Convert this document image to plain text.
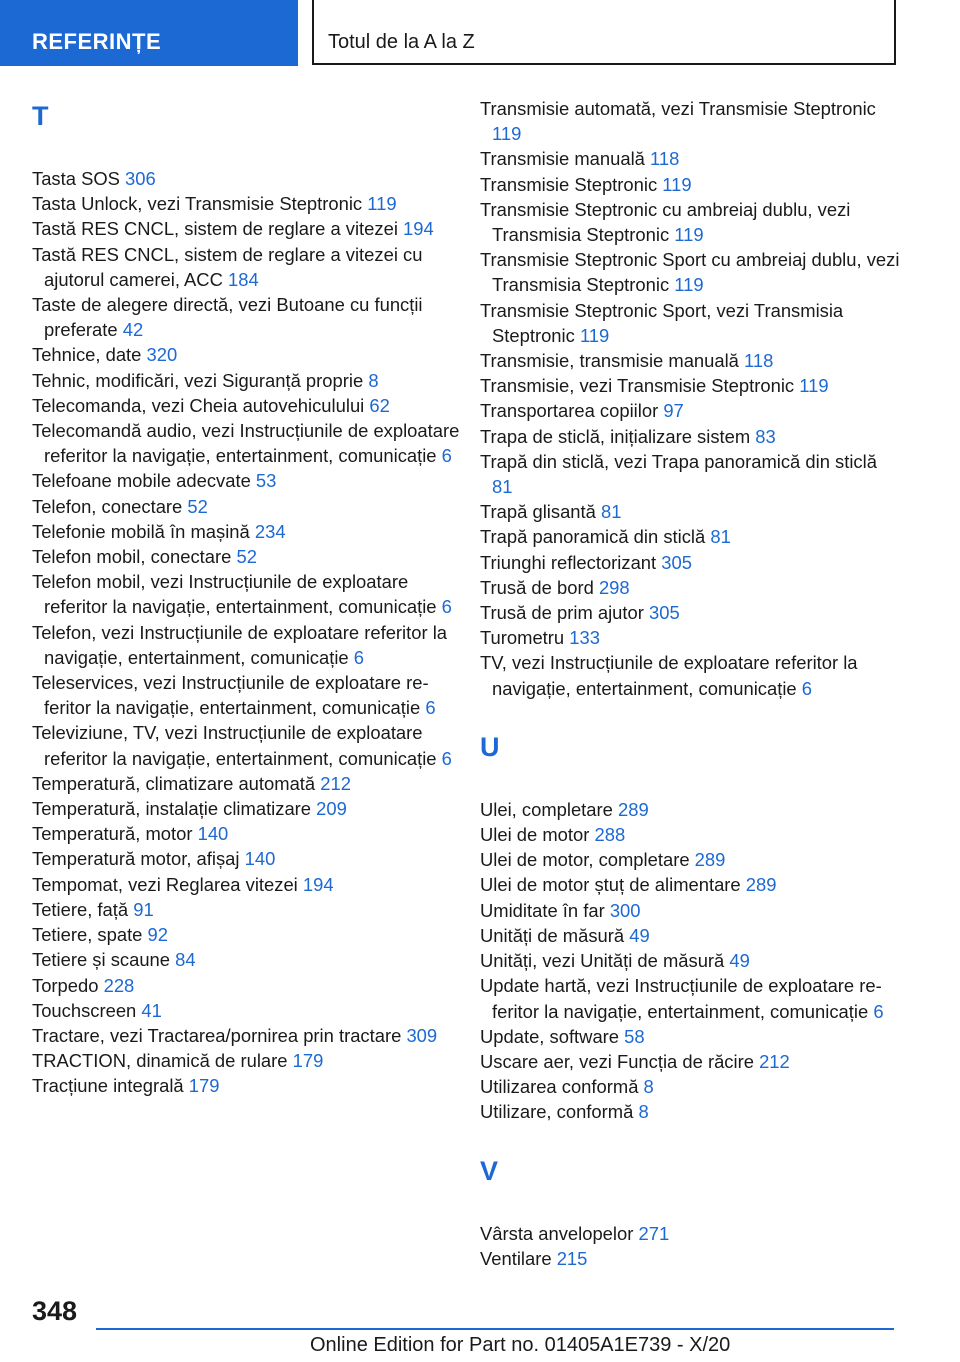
REFERINȚE	Totul de la A la Z
T
Tasta SOS 306
Tasta Unlock, vezi Transmisie Steptronic 119
Tastă RES CNCL, sistem de reglare a vitezei 194
Tastă RES CNCL, sistem de reglare a vitezei cu ajutorul camerei, ACC 184
Taste de alegere directă, vezi Butoane cu funcții preferate 42
Tehnice, date 320
Tehnic, modificări, vezi Siguranță proprie 8
Telecomanda, vezi Cheia autovehiculului 62
Telecomandă audio, vezi Instrucțiunile de exploatare referitor la navigație, entertainment, comunicație 6
Telefoane mobile adecvate 53
Telefon, conectare 52
Telefonie mobilă în mașină 234
Telefon mobil, conectare 52
Telefon mobil, vezi Instrucțiunile de exploatare referitor la navigație, entertainment, comunicație 6
Telefon, vezi Instrucțiunile de exploatare referitor la navigație, entertainment, comunicație 6
Teleservices, vezi Instrucțiunile de exploatare referitor la navigație, entertainment, comunicație 6
Televiziune, TV, vezi Instrucțiunile de exploatare referitor la navigație, entertainment, comunicație 6
Temperatură, climatizare automată 212
Temperatură, instalație climatizare 209
Temperatură, motor 140
Temperatură motor, afișaj 140
Tempomat, vezi Reglarea vitezei 194
Tetiere, față 91
Tetiere, spate 92
Tetiere și scaune 84
Torpedo 228
Touchscreen 41
Tractare, vezi Tractarea/pornirea prin tractare 309
TRACTION, dinamică de rulare 179
Tracțiune integrală 179
Transmisie automată, vezi Transmisie Steptronic 119
Transmisie manuală 118
Transmisie Steptronic 119
Transmisie Steptronic cu ambreiaj dublu, vezi Transmisia Steptronic 119
Transmisie Steptronic Sport cu ambreiaj dublu, vezi Transmisia Steptronic 119
Transmisie Steptronic Sport, vezi Transmisia Steptronic 119
Transmisie, transmisie manuală 118
Transmisie, vezi Transmisie Steptronic 119
Transportarea copiilor 97
Trapa de sticlă, inițializare sistem 83
Trapă din sticlă, vezi Trapa panoramică din sticlă 81
Trapă glisantă 81
Trapă panoramică din sticlă 81
Triunghi reflectorizant 305
Trusă de bord 298
Trusă de prim ajutor 305
Turometru 133
TV, vezi Instrucțiunile de exploatare referitor la navigație, entertainment, comunicație 6
U
Ulei, completare 289
Ulei de motor 288
Ulei de motor, completare 289
Ulei de motor ștuț de alimentare 289
Umiditate în far 300
Unități de măsură 49
Unități, vezi Unități de măsură 49
Update hartă, vezi Instrucțiunile de exploatare referitor la navigație, entertainment, comunicație 6
Update, software 58
Uscare aer, vezi Funcția de răcire 212
Utilizarea conformă 8
Utilizare, conformă 8
V
Vârsta anvelopelor 271
Ventilare 215
348
Online Edition for Part no. 01405A1E739 - X/20
